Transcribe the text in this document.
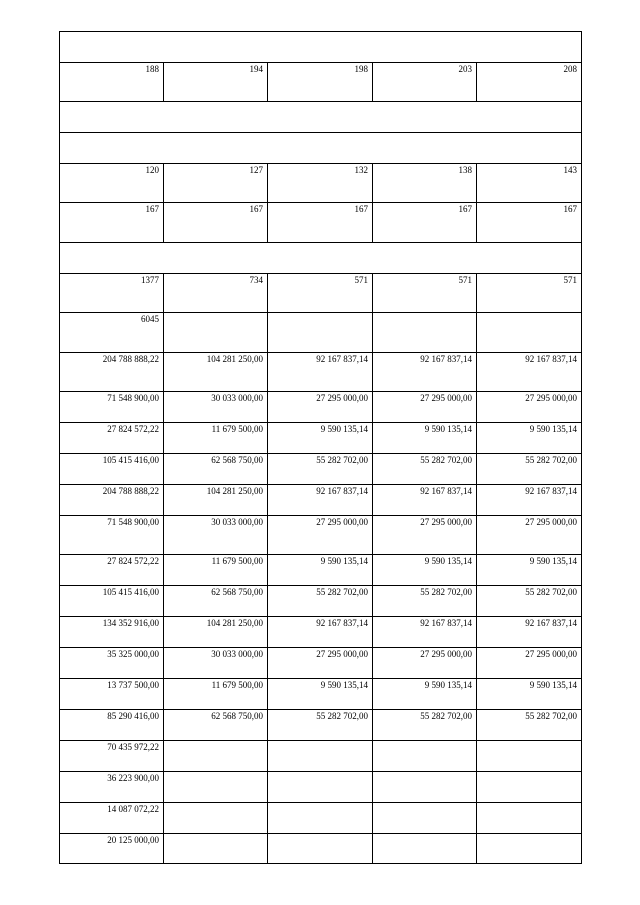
188	194	198	203	208

120	127	132	138	143
167	167	167	167	167

1377	734	571	571	571
6045				
204 788 888,22	104 281 250,00	92 167 837,14	92 167 837,14	92 167 837,14
71 548 900,00	30 033 000,00	27 295 000,00	27 295 000,00	27 295 000,00
27 824 572,22	11 679 500,00	9 590 135,14	9 590 135,14	9 590 135,14
105 415 416,00	62 568 750,00	55 282 702,00	55 282 702,00	55 282 702,00
204 788 888,22	104 281 250,00	92 167 837,14	92 167 837,14	92 167 837,14
71 548 900,00	30 033 000,00	27 295 000,00	27 295 000,00	27 295 000,00
27 824 572,22	11 679 500,00	9 590 135,14	9 590 135,14	9 590 135,14
105 415 416,00	62 568 750,00	55 282 702,00	55 282 702,00	55 282 702,00
134 352 916,00	104 281 250,00	92 167 837,14	92 167 837,14	92 167 837,14
35 325 000,00	30 033 000,00	27 295 000,00	27 295 000,00	27 295 000,00
13 737 500,00	11 679 500,00	9 590 135,14	9 590 135,14	9 590 135,14
85 290 416,00	62 568 750,00	55 282 702,00	55 282 702,00	55 282 702,00
70 435 972,22				
36 223 900,00				
14 087 072,22				
20 125 000,00				
